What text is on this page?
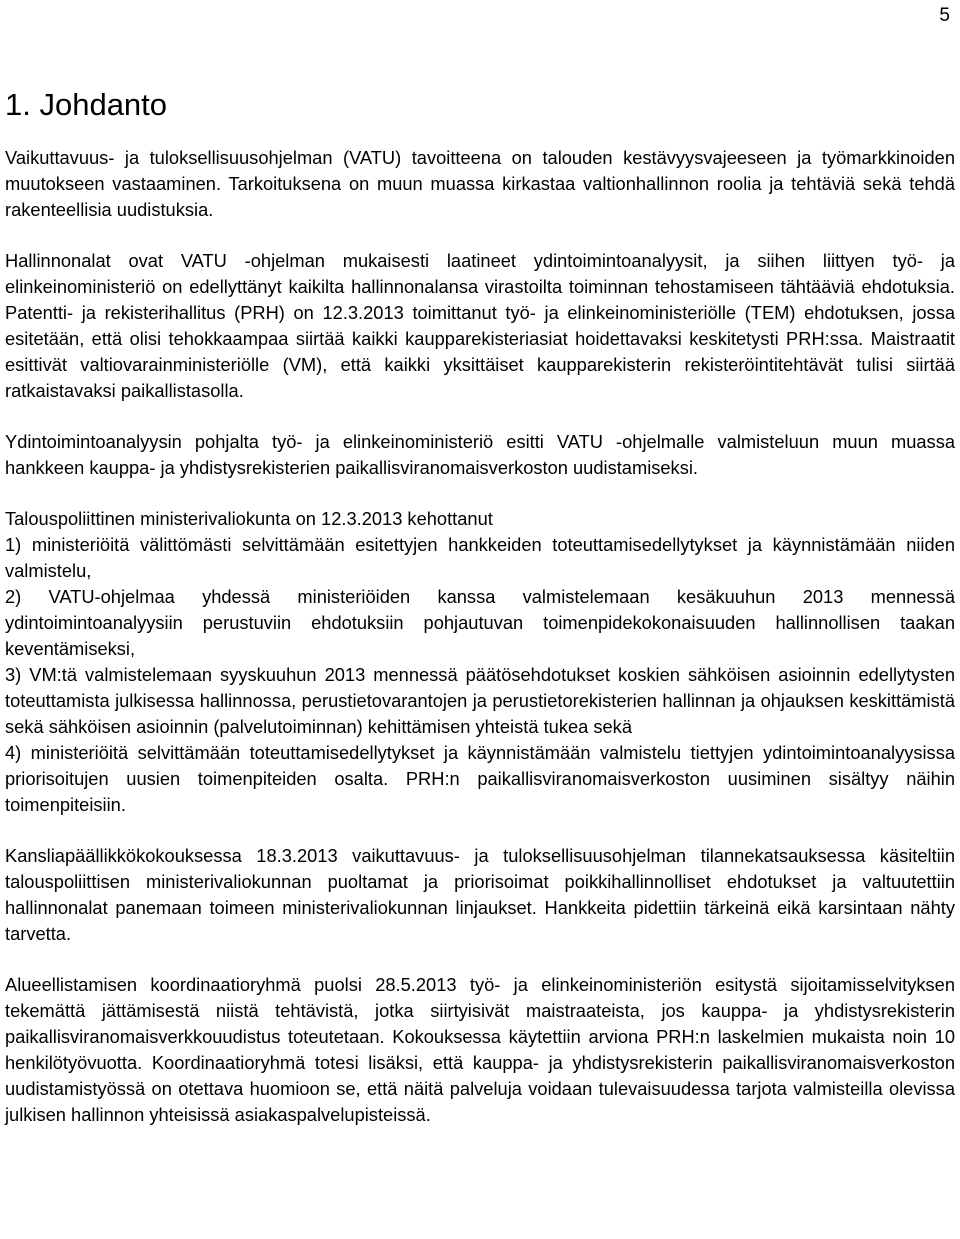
5
1. Johdanto

Vaikuttavuus- ja tuloksellisuusohjelman (VATU) tavoitteena on talouden kestävyysvajeeseen ja työmarkkinoiden muutokseen vastaaminen. Tarkoituksena on muun muassa kirkastaa valtionhallinnon roolia ja tehtäviä sekä tehdä rakenteellisia uudistuksia.

Hallinnonalat ovat VATU -ohjelman mukaisesti laatineet ydintoimintoanalyysit, ja siihen liittyen työ- ja elinkeinoministeriö on edellyttänyt kaikilta hallinnonalansa virastoilta toiminnan tehostamiseen tähtääviä ehdotuksia. Patentti- ja rekisterihallitus (PRH) on 12.3.2013 toimittanut työ- ja elinkeinoministeriölle (TEM) ehdotuksen, jossa esitetään, että olisi tehokkaampaa siirtää kaikki kaupparekisteriasiat hoidettavaksi keskitetysti PRH:ssa. Maistraatit esittivät valtiovarainministeriölle (VM), että kaikki yksittäiset kaupparekisterin rekisteröintitehtävät tulisi siirtää ratkaistavaksi paikallistasolla.

Ydintoimintoanalyysin pohjalta työ- ja elinkeinoministeriö esitti VATU -ohjelmalle valmisteluun muun muassa hankkeen kauppa- ja yhdistysrekisterien paikallisviranomaisverkoston uudistamiseksi.

Talouspoliittinen ministerivaliokunta on 12.3.2013 kehottanut

1) ministeriöitä välittömästi selvittämään esitettyjen hankkeiden toteuttamisedellytykset ja käynnistämään niiden valmistelu,

2) VATU-ohjelmaa yhdessä ministeriöiden kanssa valmistelemaan kesäkuuhun 2013 mennessä ydintoimintoanalyysiin perustuviin ehdotuksiin pohjautuvan toimenpidekokonaisuuden hallinnollisen taakan keventämiseksi,

3) VM:tä valmistelemaan syyskuuhun 2013 mennessä päätösehdotukset koskien sähköisen asioinnin edellytysten toteuttamista julkisessa hallinnossa, perustietovarantojen ja perustietorekisterien hallinnan ja ohjauksen keskittämistä sekä sähköisen asioinnin (palvelutoiminnan) kehittämisen yhteistä tukea sekä

4) ministeriöitä selvittämään toteuttamisedellytykset ja käynnistämään valmistelu tiettyjen ydintoimintoanalyysissa priorisoitujen uusien toimenpiteiden osalta. PRH:n paikallisviranomaisverkoston uusiminen sisältyy näihin toimenpiteisiin.

Kansliapäällikkökokouksessa 18.3.2013 vaikuttavuus- ja tuloksellisuusohjelman tilannekatsauksessa käsiteltiin talouspoliittisen ministerivaliokunnan puoltamat ja priorisoimat poikkihallinnolliset ehdotukset ja valtuutettiin hallinnonalat panemaan toimeen ministerivaliokunnan linjaukset. Hankkeita pidettiin tärkeinä eikä karsintaan nähty tarvetta.

Alueellistamisen koordinaatioryhmä puolsi 28.5.2013 työ- ja elinkeinoministeriön esitystä sijoitamisselvityksen tekemättä jättämisestä niistä tehtävistä, jotka siirtyisivät maistraateista, jos kauppa- ja yhdistysrekisterin paikallisviranomaisverkkouudistus toteutetaan. Kokouksessa käytettiin arviona PRH:n laskelmien mukaista noin 10 henkilötyövuotta. Koordinaatioryhmä totesi lisäksi, että kauppa- ja yhdistysrekisterin paikallisviranomaisverkoston uudistamistyössä on otettava huomioon se, että näitä palveluja voidaan tulevaisuudessa tarjota valmisteilla olevissa julkisen hallinnon yhteisissä asiakaspalvelupisteissä.
